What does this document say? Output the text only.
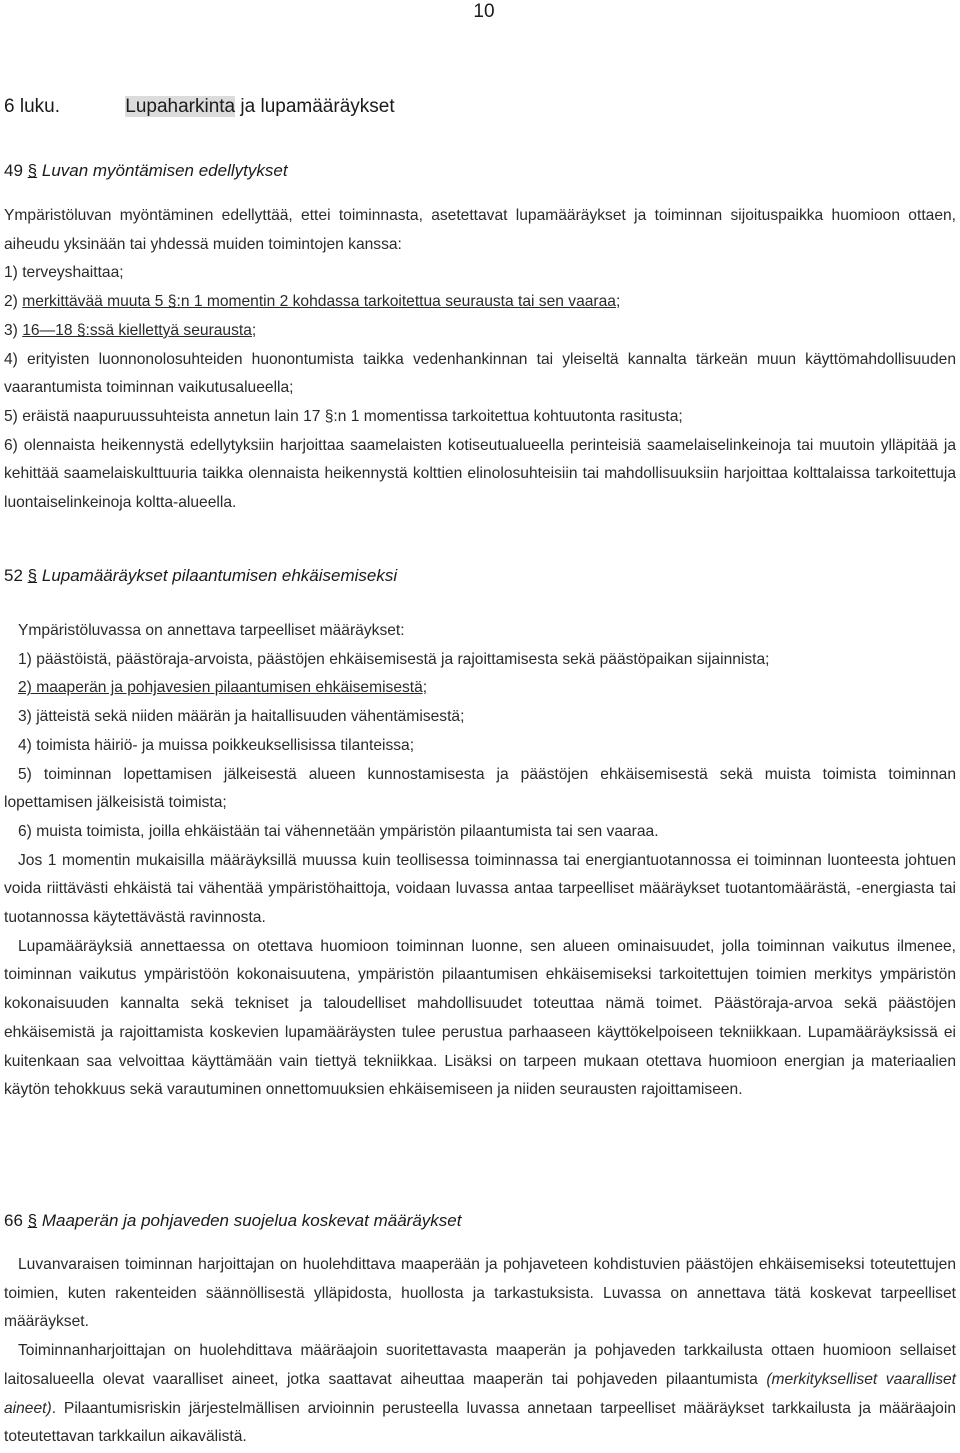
10
6 luku.	Lupaharkinta ja lupamääräykset
49 § Luvan myöntämisen edellytykset

Ympäristöluvan myöntäminen edellyttää, ettei toiminnasta, asetettavat lupamääräykset ja toiminnan sijoituspaikka huomioon ottaen, aiheudu yksinään tai yhdessä muiden toimintojen kanssa:

1) terveyshaittaa;

2) merkittävää muuta 5 §:n 1 momentin 2 kohdassa tarkoitettua seurausta tai sen vaaraa;

3) 16—18 §:ssä kiellettyä seurausta;

4) erityisten luonnonolosuhteiden huonontumista taikka vedenhankinnan tai yleiseltä kannalta tärkeän muun käyttömahdollisuuden vaarantumista toiminnan vaikutusalueella;

5) eräistä naapuruussuhteista annetun lain 17 §:n 1 momentissa tarkoitettua kohtuutonta rasitusta;

6) olennaista heikennystä edellytyksiin harjoittaa saamelaisten kotiseutualueella perinteisiä saamelaiselinkeinoja tai muutoin ylläpitää ja kehittää saamelaiskulttuuria taikka olennaista heikennystä kolttien elinolosuhteisiin tai mahdollisuuksiin harjoittaa kolttalaissa tarkoitettuja luontaiselinkeinoja koltta-alueella.

52 § Lupamääräykset pilaantumisen ehkäisemiseksi

Ympäristöluvassa on annettava tarpeelliset määräykset:

1) päästöistä, päästöraja-arvoista, päästöjen ehkäisemisestä ja rajoittamisesta sekä päästöpaikan sijainnista;

2) maaperän ja pohjavesien pilaantumisen ehkäisemisestä;

3) jätteistä sekä niiden määrän ja haitallisuuden vähentämisestä;

4) toimista häiriö- ja muissa poikkeuksellisissa tilanteissa;

5) toiminnan lopettamisen jälkeisestä alueen kunnostamisesta ja päästöjen ehkäisemisestä sekä muista toimista toiminnan lopettamisen jälkeisistä toimista;

6) muista toimista, joilla ehkäistään tai vähennetään ympäristön pilaantumista tai sen vaaraa.

Jos 1 momentin mukaisilla määräyksillä muussa kuin teollisessa toiminnassa tai energiantuotannossa ei toiminnan luonteesta johtuen voida riittävästi ehkäistä tai vähentää ympäristöhaittoja, voidaan luvassa antaa tarpeelliset määräykset tuotantomäärästä, -energiasta tai tuotannossa käytettävästä ravinnosta.

Lupamääräyksiä annettaessa on otettava huomioon toiminnan luonne, sen alueen ominaisuudet, jolla toiminnan vaikutus ilmenee, toiminnan vaikutus ympäristöön kokonaisuutena, ympäristön pilaantumisen ehkäisemiseksi tarkoitettujen toimien merkitys ympäristön kokonaisuuden kannalta sekä tekniset ja taloudelliset mahdollisuudet toteuttaa nämä toimet. Päästöraja-arvoa sekä päästöjen ehkäisemistä ja rajoittamista koskevien lupamääräysten tulee perustua parhaaseen käyttökelpoiseen tekniikkaan. Lupamääräyksissä ei kuitenkaan saa velvoittaa käyttämään vain tiettyä tekniikkaa. Lisäksi on tarpeen mukaan otettava huomioon energian ja materiaalien käytön tehokkuus sekä varautuminen onnettomuuksien ehkäisemiseen ja niiden seurausten rajoittamiseen.

66 § Maaperän ja pohjaveden suojelua koskevat määräykset

Luvanvaraisen toiminnan harjoittajan on huolehdittava maaperään ja pohjaveteen kohdistuvien päästöjen ehkäisemiseksi toteutettujen toimien, kuten rakenteiden säännöllisestä ylläpidosta, huollosta ja tarkastuksista. Luvassa on annettava tätä koskevat tarpeelliset määräykset.

Toiminnanharjoittajan on huolehdittava määräajoin suoritettavasta maaperän ja pohjaveden tarkkailusta ottaen huomioon sellaiset laitosalueella olevat vaaralliset aineet, jotka saattavat aiheuttaa maaperän tai pohjaveden pilaantumista (merkitykselliset vaaralliset aineet). Pilaantumisriskin järjestelmällisen arvioinnin perusteella luvassa annetaan tarpeelliset määräykset tarkkailusta ja määräajoin toteutettavan tarkkailun aikavälistä.
